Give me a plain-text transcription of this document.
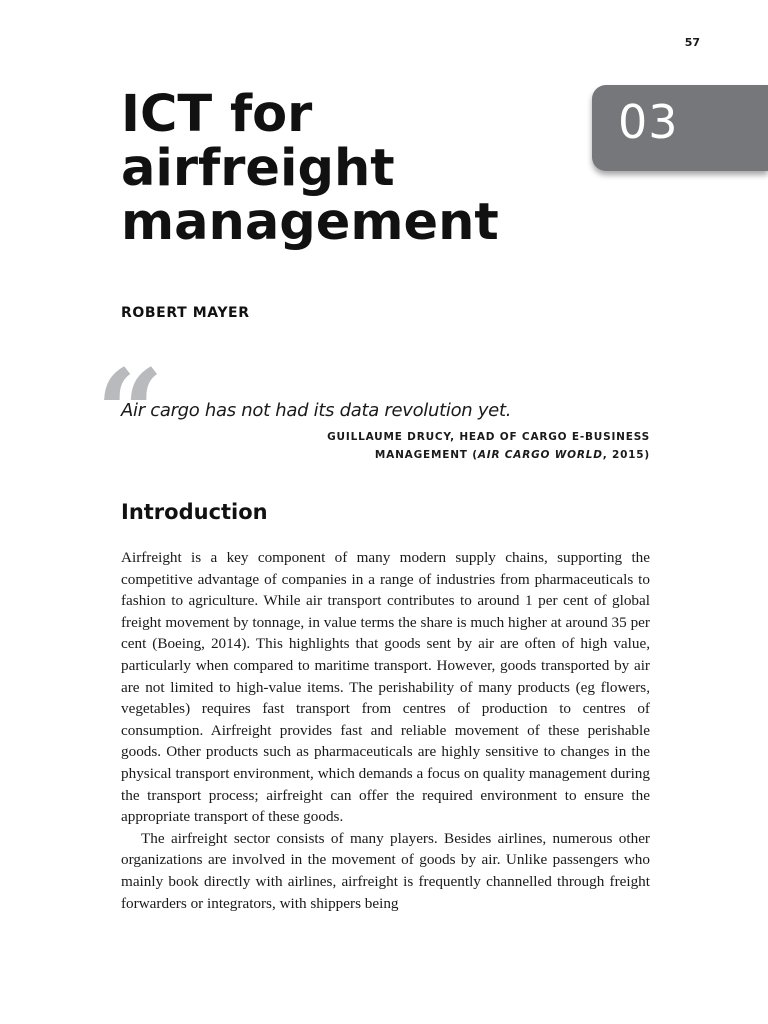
57
03
ICT for
airfreight
management
ROBERT MAYER
“
Air cargo has not had its data revolution yet.
GUILLAUME DRUCY, HEAD OF CARGO E-BUSINESS
MANAGEMENT (AIR CARGO WORLD, 2015)
Introduction

Airfreight is a key component of many modern supply chains, supporting the competitive advantage of companies in a range of industries from pharmaceuticals to fashion to agriculture. While air transport contributes to around 1 per cent of global freight movement by tonnage, in value terms the share is much higher at around 35 per cent (Boeing, 2014). This highlights that goods sent by air are often of high value, particularly when compared to maritime transport. However, goods transported by air are not limited to high-value items. The perishability of many products (eg flowers, vegetables) requires fast transport from centres of production to centres of consumption. Airfreight provides fast and reliable movement of these perishable goods. Other products such as pharmaceuticals are highly sensitive to changes in the physical transport environment, which demands a focus on quality management during the transport process; airfreight can offer the required environment to ensure the appropriate transport of these goods.

The airfreight sector consists of many players. Besides airlines, numerous other organizations are involved in the movement of goods by air. Unlike passengers who mainly book directly with airlines, airfreight is frequently channelled through freight forwarders or integrators, with shippers being
